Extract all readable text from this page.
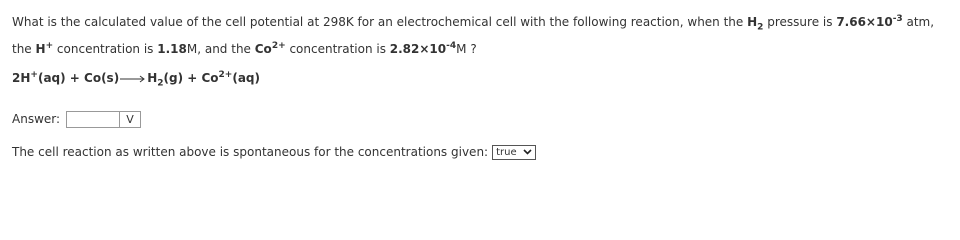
What is the calculated value of the cell potential at 298K for an electrochemical cell with the following reaction, when the $H_2$ pressure is $7.66\times 10^{-3}$ atm,
the H+ concentration is 1.18M, and the $Co^{2+}$ concentration is $2.82\times 10^{-4}M$ ?
$2H^+(aq) + Co(s)\to H_2(g) + Co^{2+}(aq)$
Answer:	V
The cell reaction as written above is spontaneous for the concentrations given: true
